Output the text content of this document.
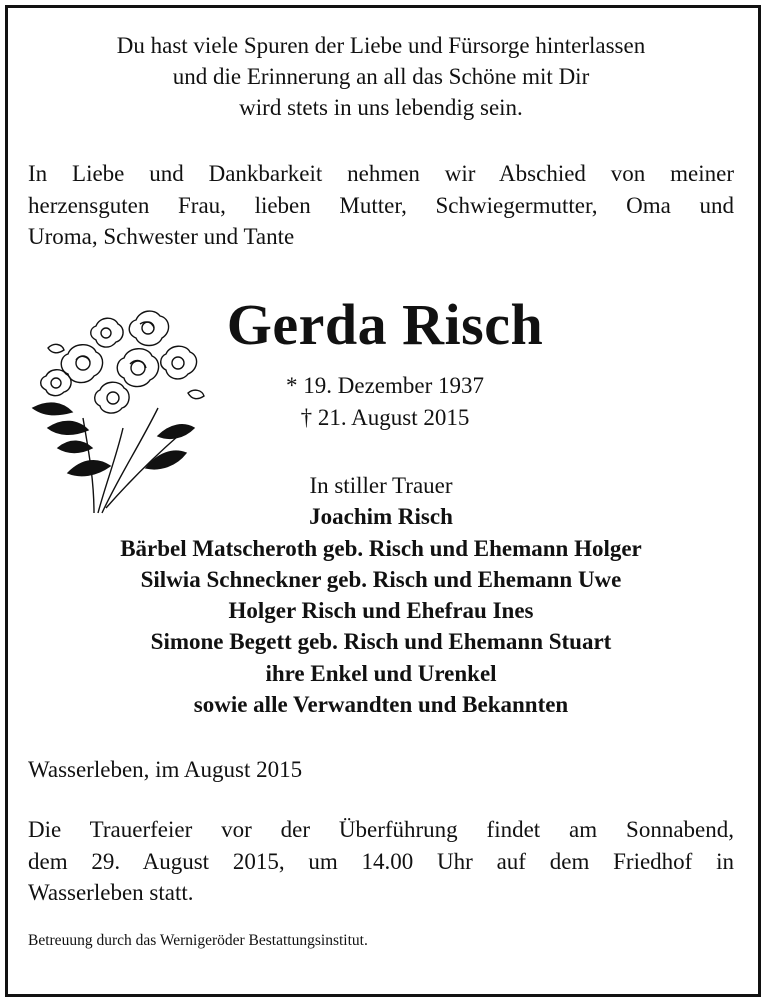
Du hast viele Spuren der Liebe und Fürsorge hinterlassen
und die Erinnerung an all das Schöne mit Dir
wird stets in uns lebendig sein.
In Liebe und Dankbarkeit nehmen wir Abschied von meiner
herzensguten Frau, lieben Mutter, Schwiegermutter, Oma und
Uroma, Schwester und Tante
Gerda Risch
* 19. Dezember 1937
† 21. August 2015
In stiller Trauer
Joachim Risch
Bärbel Matscheroth geb. Risch und Ehemann Holger
Silwia Schneckner geb. Risch und Ehemann Uwe
Holger Risch und Ehefrau Ines
Simone Begett geb. Risch und Ehemann Stuart
ihre Enkel und Urenkel
sowie alle Verwandten und Bekannten
Wasserleben, im August 2015
Die Trauerfeier vor der Überführung findet am Sonnabend,
dem 29. August 2015, um 14.00 Uhr auf dem Friedhof in
Wasserleben statt.
Betreuung durch das Wernigeröder Bestattungsinstitut.
